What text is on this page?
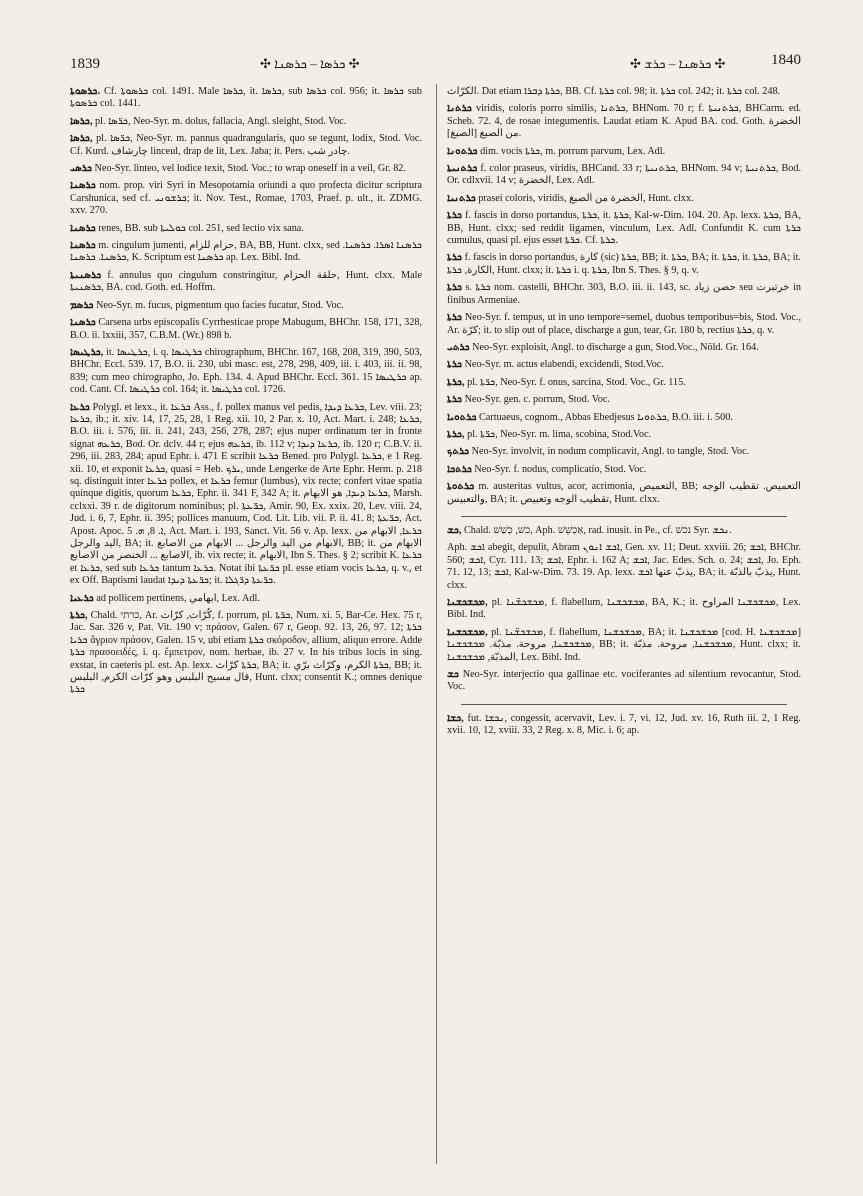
1839	✣ ܟܪܣܐ – ܟܪܣܢܐ ✣	✣ ܟܪܣܢܐ – ܟܪܫ ✣	1840

ܟܪܣܘܬܐ. Cf. ܟܪܣܘܬܐ col. 1491. Male ܟܪܣܐ, it. ܟܪܣܐ, sub ܟܪܣܐ col. 956; it. ܟܪܣܐ sub ܟܪܣܘܬܐ col. 1441.

ܟܪܣܐ, pl. ܟܪ̈ܣܐ, Neo-Syr. m. dolus, fallacia, Angl. sleight, Stod. Voc.

ܟܪܣܐ, pl. ܟܪ̈ܣܐ, Neo-Syr. m. pannus quadrangularis, quo se tegunt, lodix, Stod. Voc. Cf. Kurd. چارشاف linceul, drap de lit, Lex. Jaba; it. Pers. چادر شب.

ܟܪܣܝ Neo-Syr. linteo, vel lodice texit, Stod. Voc.; to wrap oneself in a veil, Gr. 82.

ܟܪܣܢܐ nom. prop. viri Syri in Mesopotamia oriundi a quo profecta dicitur scriptura Carshunica, sed cf. ܟܪܫܘܢܝ; it. Nov. Test., Romae, 1703, Praef. p. ult., it. ZDMG. xxv. 270.

ܟܪܣܢܐ renes, BB. sub ܟܘܠܝܬܐ col. 251, sed lectio vix sana.

ܟܪܣܢܐ m. cingulum jumenti, حزام للزام, BA, BB, Hunt. clxx, sed ܟܪܣܢܐ ܐܣܪܐ. ܟܪܣܢܐ. ܟܪܣܢܐ. ܟܪܣܢܐ, K. Scriptum est ܟܪܣܢܐ ap. Lex. Bibl. Ind.

ܟܪܣܢܝܬܐ f. annulus quo cingulum constringitur, حلقة الحزام, Hunt. clxx. Male ܟܪܣܢܝܬܐ, BA. cod. Goth. ed. Hoffm.

ܟܪܣܡ Neo-Syr. m. fucus, pigmentum quo facies fucatur, Stod. Voc.

ܟܪܣܢܐ Carsena urbs episcopalis Cyrrhesticae prope Mabugum, BHChr. 158, 171, 328, B.O. ii. lxxiii, 357, C.B.M. (Wr.) 898 b.

ܟܪܛܝܣܐ, it. ܟܪܛܝܣܐ, i. q. ܟܪܛܝܣܐ chirographum, BHChr. 167, 168, 208, 319, 390, 503, BHChr. Eccl. 539. 17, B.O. ii. 230, ubi masc. est, 278, 298, 409, iii. i. 403, iii. ii. 98, 839; cum meo chirographo, Jo. Eph. 134. 4. Apud BHChr. Eccl. 361. 15 ܟܪܛܝܣܐ ap. cod. Cant. Cf. ܟܪܛܝܣܐ col. 164; it. ܟܪܛܝܣܐ col. 1726.

ܟܪܥܐ Polygl. et lexx., it. ܟܪܥܐ Ass., f. pollex manus vel pedis, ܟܪܥܐ ܕܝܕܐ, Lev. viii. 23; ܟܪܥܐ, ib.; it. xiv. 14, 17, 25, 28, 1 Reg. xii. 10, 2 Par. x. 10, Act. Mart. i. 248; ܟܪܥܐ, B.O. iii. i. 576, iii. ii. 241, 243, 256, 278, 287; ejus nuper ordinatum ter in fronte signat ܟܪܥܗ, Bod. Or. dclv. 44 r; ejus ܟܪܥܗ, ib. 112 v; ܟܪܥܐ ܕܝܕܐ, ib. 120 r; C.B.V. ii. 296, iii. 283, 284; apud Ephr. i. 471 E scribit ܟܪܥܐ Bened. pro Polygl. ܟܪܥܐ, e 1 Reg. xii. 10, et exponit ܟܪܥܐ, quasi = Heb. ܝܪܟ, unde Lengerke de Arte Ephr. Herm. p. 218 sq. distinguit inter ܟܪܥܐ pollex, et ܟܪܥܐ femur (lumbus), vix recte; confert vitae spatia quinque digitis, quorum ܟܪܥܐ, Ephr. ii. 341 F, 342 A; it. ܟܪܥܐ ܕܝܕܐ, هو الابهام, Marsh. cclxxi. 39 r. de digitorum nominibus; pl. ܟܪ̈ܥܬܐ, Amir. 90, Ex. xxix. 20, Lev. viii. 24, Jud. i. 6, 7, Ephr. ii. 395; pollices manuum, Cod. Lit. Lib. vii. P. ii. 41. 8; ܟܪ̈ܥܬܐ, Act. Apost. Apoc. ܐ. 8, ܗ. 5, Act. Mart. i. 193, Sanct. Vit. 56 v. Ap. lexx. ܟܪܥܐ, الابهام من اليد والرجل, BA; it. الابهام من اليد والرجل ... الابهام من الاصابع, BB; it. الابهام من الاصابع ... الخنصر من الاصابع, ib. vix recte; it. الابهام, Ibn S. Thes. § 2; scribit K. ܟܪܥܐ et ܟܪܥܐ, sed sub ܟܪܥܐ tantum ܟܪܥܐ. Notat ibi ܟܪ̈ܥܬܐ pl. esse etiam vocis ܟܪܥܐ, q. v., et ex Off. Baptismi laudat ܟܪ̈ܥܬܐ ܕܝܕܐ; it. ܟܪ̈ܥܬܐ ܕܪ̈ܓܠܐ.

ܟܪܥܝܐ ad pollicem pertinens, ابهامي, Lex. Adl.

ܟܪܬܐ, Chald. כרתי, Ar. كُرّاث, كرّاث, f. porrum, pl. ܟܪ̈ܬܐ, Num. xi. 5, Bar-Ce. Hex. 75 r, Jac. Sar. 326 v, Pat. Vit. 190 v; πράσον, Galen. 67 r, Geop. 92. 13, 26, 97. 12; ܟܪܬܐ ܒܪܝܐ ἄγριον πράσον, Galen. 15 v, ubi etiam ܟܪܬܐ σκόροδον, allium, aliquo errore. Adde ܟܪܬܐ πρασοειδές, i. q. ἔμπετρον, nom. herbae, ib. 27 v. In his tribus locis in sing. exstat, in caeteris pl. est. Ap. lexx. ܟܪܬܐ كرّاث, BA; it. ܟܪܬܐ الكرم، وكرّاث برّي, BB; it. قال مسيح البلبس وهو كرّاث الكرم, البلبس, Hunt. clxx; consentit K.; omnes denique ܟܪܬܐ

الكرّاث. Dat etiam ܟܪܬܐ ܕܒܪܐ, BB. Cf. ܟܪܬܐ col. 98; it. ܟܪܬܐ col. 242; it. ܟܪܬܐ col. 248.

ܟܪܬܢܐ viridis, coloris porro similis, ܟܪܬܢܐ, BHNom. 70 r; f. ܟܪܬܢܝܬܐ, BHCarm. ed. Scheb. 72. 4, de rosae integumentis. Laudat etiam K. Apud BA. cod. Goth. الخضرة من الصبغ [الصبغ].

ܟܪܬܘܢܐ dim. vocis ܟܪܬܐ, m. porrum parvum, Lex. Adl.

ܟܪܬܢܝܬܐ f. color praseus, viridis, BHCand. 33 r; ܟܪܬܢܝܬܐ, BHNom. 94 v; ܟܪܬܢܝܬܐ, Bod. Or. cdlxvii. 14 v; الخضرة, Lex. Adl.

ܟܪܬܢܝܐ prasei coloris, viridis, الخضرة من الصبغ, Hunt. clxx.

ܟܪܬܐ f. fascis in dorso portandus, ܟܪܬܐ, it. ܟܪܬܐ, Kal-w-Dim. 104. 20. Ap. lexx. ܟܪܬܐ, BA, BB, Hunt. clxx; sed reddit ligamen, vinculum, Lex. Adl. Confundit K. cum ܟܪܬܐ cumulus, quasi pl. ejus esset ܟܪ̈ܬܐ. Cf. ܟܪܬܐ.

ܟܪܬܐ f. fascis in dorso portandus, كارة (sic) ܟܪܬܐ, BB; it. ܟܪܬܐ, BA; it. ܟܪܬܐ, it. ܟܪܬܐ, BA; it. الكارة, ܟܪܬܐ, Hunt. clxx; it. ܟܪܬܐ i. q. ܟܪܬܐ, Ibn S. Thes. § 9, q. v.

ܟܪܬܐ s. ܟܪܬܐ nom. castelli, BHChr. 303, B.O. iii. ii. 143, sc. حصن زياد seu خرتبرت in finibus Armeniae.

ܟܪܬܐ Neo-Syr. f. tempus, ut in uno tempore=semel, duobus temporibus=bis, Stod. Voc., Ar. كرّة; it. to slip out of place, discharge a gun, tear, Gr. 180 b, rectius ܟܪܬܐ, q. v.

ܟܪܬܝ Neo-Syr. exploisit, Angl. to discharge a gun, Stod.Voc., Nöld. Gr. 164.

ܟܪܬܐ Neo-Syr. m. actus elabendi, excidendi, Stod.Voc.

ܟܪܬܐ, pl. ܟܪ̈ܬܐ, Neo-Syr. f. onus, sarcina, Stod. Voc., Gr. 115.

ܟܪܬܐ Neo-Syr. gen. c. porrum, Stod. Voc.

ܟܪܬܘܝܐ Cartuaeus, cognom., Abbas Ebedjesus ܟܪܬܘܝܐ, B.O. iii. i. 500.

ܟܪܬܐ, pl. ܟܪ̈ܬܐ, Neo-Syr. m. lima, scobina, Stod.Voc.

ܟܪܬܟ Neo-Syr. involvit, in nodum complicavit, Angl. to tangle, Stod. Voc.

ܟܪܬܟܐ Neo-Syr. f. nodus, complicatio, Stod. Voc.

ܟܪܬܘܬܐ m. austeritas vultus, acor, acrimonia, التعميص, BB; التعميص. تقطيب الوجه والتعبيس, BA; it. تقطيب الوجه وتعبيص, Hunt. clxx.

ܟܫ, Chald. כשׁ, כְּשַׁשׁ, Aph. אַכְשֵׁשׁ, rad. inusit. in Pe., cf. נכשׁ Syr. ܢܟܫ.

Aph. ܐܟܫ abegit, depulit, Abram ܐܟܫ ܐܢܘܢ, Gen. xv. 11; Deut. xxviii. 26; ܐܟܫ, BHChr. 560; ܐܟܫ, Cyr. 111. 13; ܐܟܫ, Ephr. i. 162 A; ܐܟܫ, Jac. Edes. Sch. o. 24; ܐܟܫ, Jo. Eph. 71. 12, 13; ܐܟܫ, Kal-w-Dim. 73. 19. Ap. lexx. يذبّ عنها ܐܟܫ, BA; it. يذبّ بالذبّة, Hunt. clxx.

ܡܟܫܟܫܢܐ, pl. ܡܟܫܟܫ̈ܢܐ, f. flabellum, ܡܟܫܟܫܢܐ, BA, K.; it. ܡܟܫܟܫܢܐ المراوح, Lex. Bibl. Ind.

ܡܟܫܟܫܢܐ, pl. ܡܟܫܟܫ̈ܢܐ, f. flabellum, ܡܟܫܟܫܢܐ, BA; it. ܡܟܫܟܫܢܐ [cod. H. ܡܟܫܟܫܢܐ] ܡܟܫܟܫܢܐ, مروحة. مذبّة. ܡܟܫܟܫܢܐ, BB; it. ܡܟܫܟܫܢܐ, مروحة. مذبّة, Hunt. clxx; it. المذبّة, ܡܟܫܟܫܢܐ, Lex. Bibl. Ind.

ܟܫ Neo-Syr. interjectio qua gallinae etc. vociferantes ad silentium revocantur, Stod. Voc.

ܟܫܐ, fut. ܢܟܫܐ, congessit, acervavit, Lev. i. 7, vi. 12, Jud. xv. 16, Ruth iii. 2, 1 Reg. xvii. 10, 12, xviii. 33, 2 Reg. x. 8, Mic. i. 6; ap.
